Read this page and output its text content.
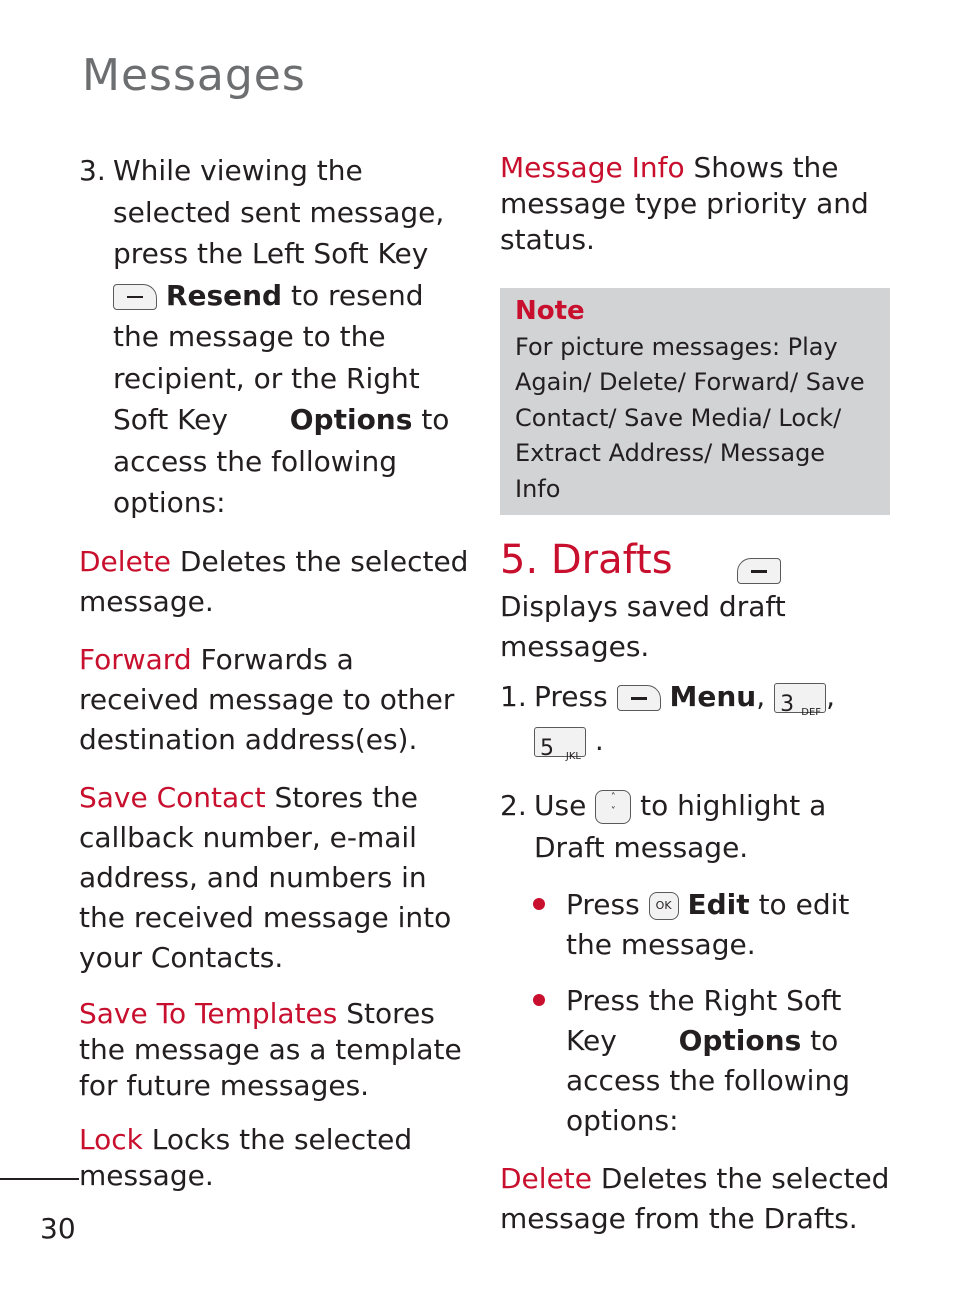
Messages
3. While viewing the selected sent message, press the Left Soft Key  Resend to resend the message to the recipient, or the Right Soft Key Options to access the following options:

Delete Deletes the selected message.

Forward Forwards a received message to other destination address(es).

Save Contact Stores the callback number, e-mail address, and numbers in the received message into your Contacts.

Save To Templates Stores the message as a template for future messages.

Lock Locks the selected message.

Message Info Shows the message type priority and status.

Note
For picture messages: Play Again/ Delete/ Forward/ Save Contact/ Save Media/ Lock/ Extract Address/ Message Info
5. Drafts

Displays saved draft messages.

1. Press Menu, 3 DEF ,
5 JKL .
2. Use ˄
˅ to highlight a Draft message.
Press OK Edit to edit the message.
Press the Right Soft Key Options to access the following options:

Delete Deletes the selected message from the Drafts.

30
